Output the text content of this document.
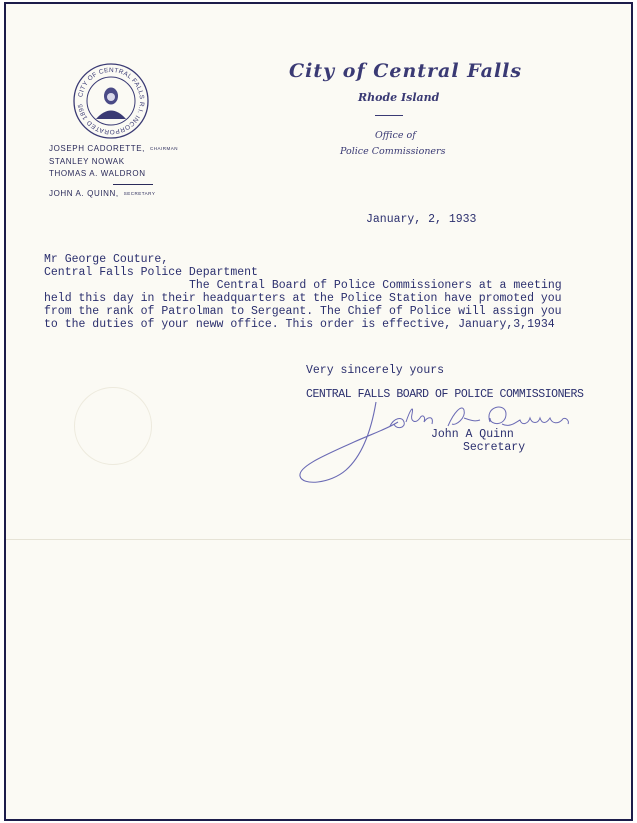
CITY OF CENTRAL FALLS R.I. INCORPORATED 1895
JOSEPH CADORETTE, CHAIRMAN
STANLEY NOWAK
THOMAS A. WALDRON
JOHN A. QUINN, SECRETARY
City of Central Falls
Rhode Island
Office of
Police Commissioners
January, 2, 1933
Mr George Couture,
Central Falls Police Department
The Central Board of Police Commissioners at a meeting
held this day in their headquarters at the Police Station have promoted you
from the rank of Patrolman to Sergeant. The Chief of Police will assign you
to the duties of your neww office. This order is effective, January,3,1934
Very sincerely yours
CENTRAL FALLS BOARD OF POLICE COMMISSIONERS
John A Quinn
Secretary
